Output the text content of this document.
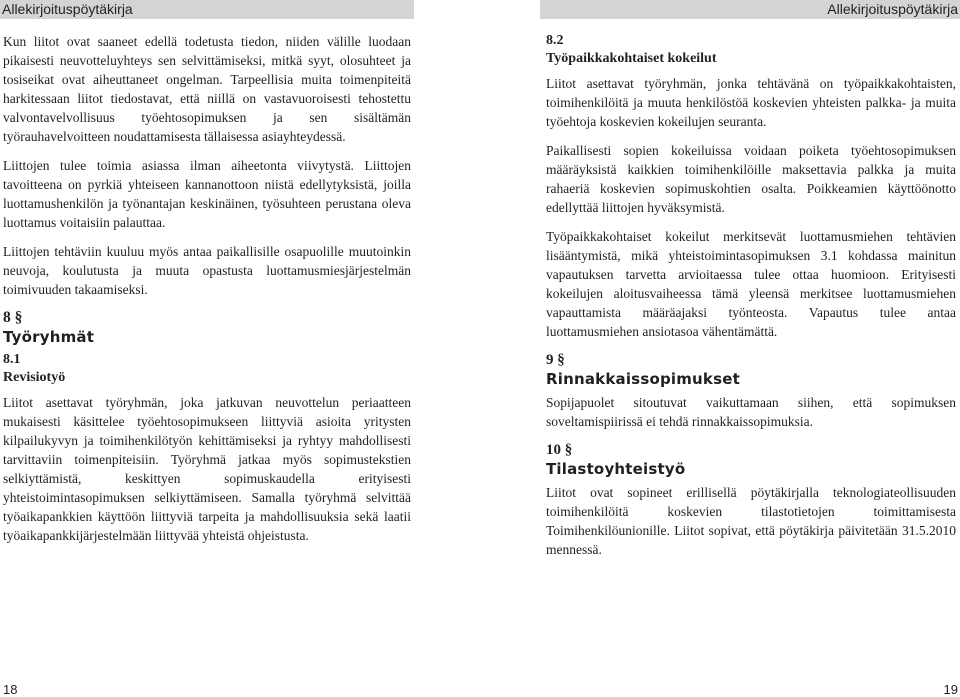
Allekirjoituspöytäkirja

Kun liitot ovat saaneet edellä todetusta tiedon, niiden välille luodaan pikaisesti neuvotteluyhteys sen selvittämiseksi, mitkä syyt, olosuhteet ja tosiseikat ovat aiheuttaneet ongelman. Tarpeellisia muita toimenpiteitä harkitessaan liitot tiedostavat, että niillä on vastavuoroisesti tehostettu valvontavelvollisuus työehtosopimuksen ja sen sisältämän työrauhavelvoitteen noudattamisesta tällaisessa asiayhteydessä.

Liittojen tulee toimia asiassa ilman aiheetonta viivytystä. Liittojen tavoitteena on pyrkiä yhteiseen kannanottoon niistä edellytyksistä, joilla luottamushenkilön ja työnantajan keskinäinen, työsuhteen perustana oleva luottamus voitaisiin palauttaa.

Liittojen tehtäviin kuuluu myös antaa paikallisille osapuolille muutoinkin neuvoja, koulutusta ja muuta opastusta luottamusmiesjärjestelmän toimivuuden takaamiseksi.

8 §
Työryhmät
8.1
Revisiotyö

Liitot asettavat työryhmän, joka jatkuvan neuvottelun periaatteen mukaisesti käsittelee työehtosopimukseen liittyviä asioita yritysten kilpailukyvyn ja toimihenkilötyön kehittämiseksi ja ryhtyy mahdollisesti tarvittaviin toimenpiteisiin. Työryhmä jatkaa myös sopimustekstien selkiyttämistä, keskittyen sopimuskaudella erityisesti yhteistoimintasopimuksen selkiyttämiseen. Samalla työryhmä selvittää työaikapankkien käyttöön liittyviä tarpeita ja mahdollisuuksia sekä laatii työaikapankkijärjestelmään liittyvää yhteistä ohjeistusta.

18
Allekirjoituspöytäkirja
8.2
Työpaikkakohtaiset kokeilut

Liitot asettavat työryhmän, jonka tehtävänä on työpaikkakohtaisten, toimihenkilöitä ja muuta henkilöstöä koskevien yhteisten palkka- ja muita työehtoja koskevien kokeilujen seuranta.

Paikallisesti sopien kokeiluissa voidaan poiketa työehtosopimuksen määräyksistä kaikkien toimihenkilöille maksettavia palkka ja muita rahaeriä koskevien sopimuskohtien osalta. Poikkeamien käyttöönotto edellyttää liittojen hyväksymistä.

Työpaikkakohtaiset kokeilut merkitsevät luottamusmiehen tehtävien lisääntymistä, mikä yhteistoimintasopimuksen 3.1 kohdassa mainitun vapautuksen tarvetta arvioitaessa tulee ottaa huomioon. Erityisesti kokeilujen aloitusvaiheessa tämä yleensä merkitsee luottamusmiehen vapauttamista määräajaksi työnteosta. Vapautus tulee antaa luottamusmiehen ansiotasoa vähentämättä.

9 §
Rinnakkaissopimukset

Sopijapuolet sitoutuvat vaikuttamaan siihen, että sopimuksen soveltamispiirissä ei tehdä rinnakkaissopimuksia.

10 §
Tilastoyhteistyö

Liitot ovat sopineet erillisellä pöytäkirjalla teknologiateollisuuden toimihenkilöitä koskevien tilastotietojen toimittamisesta Toimihenkilöunionille. Liitot sopivat, että pöytäkirja päivitetään 31.5.2010 mennessä.

19
